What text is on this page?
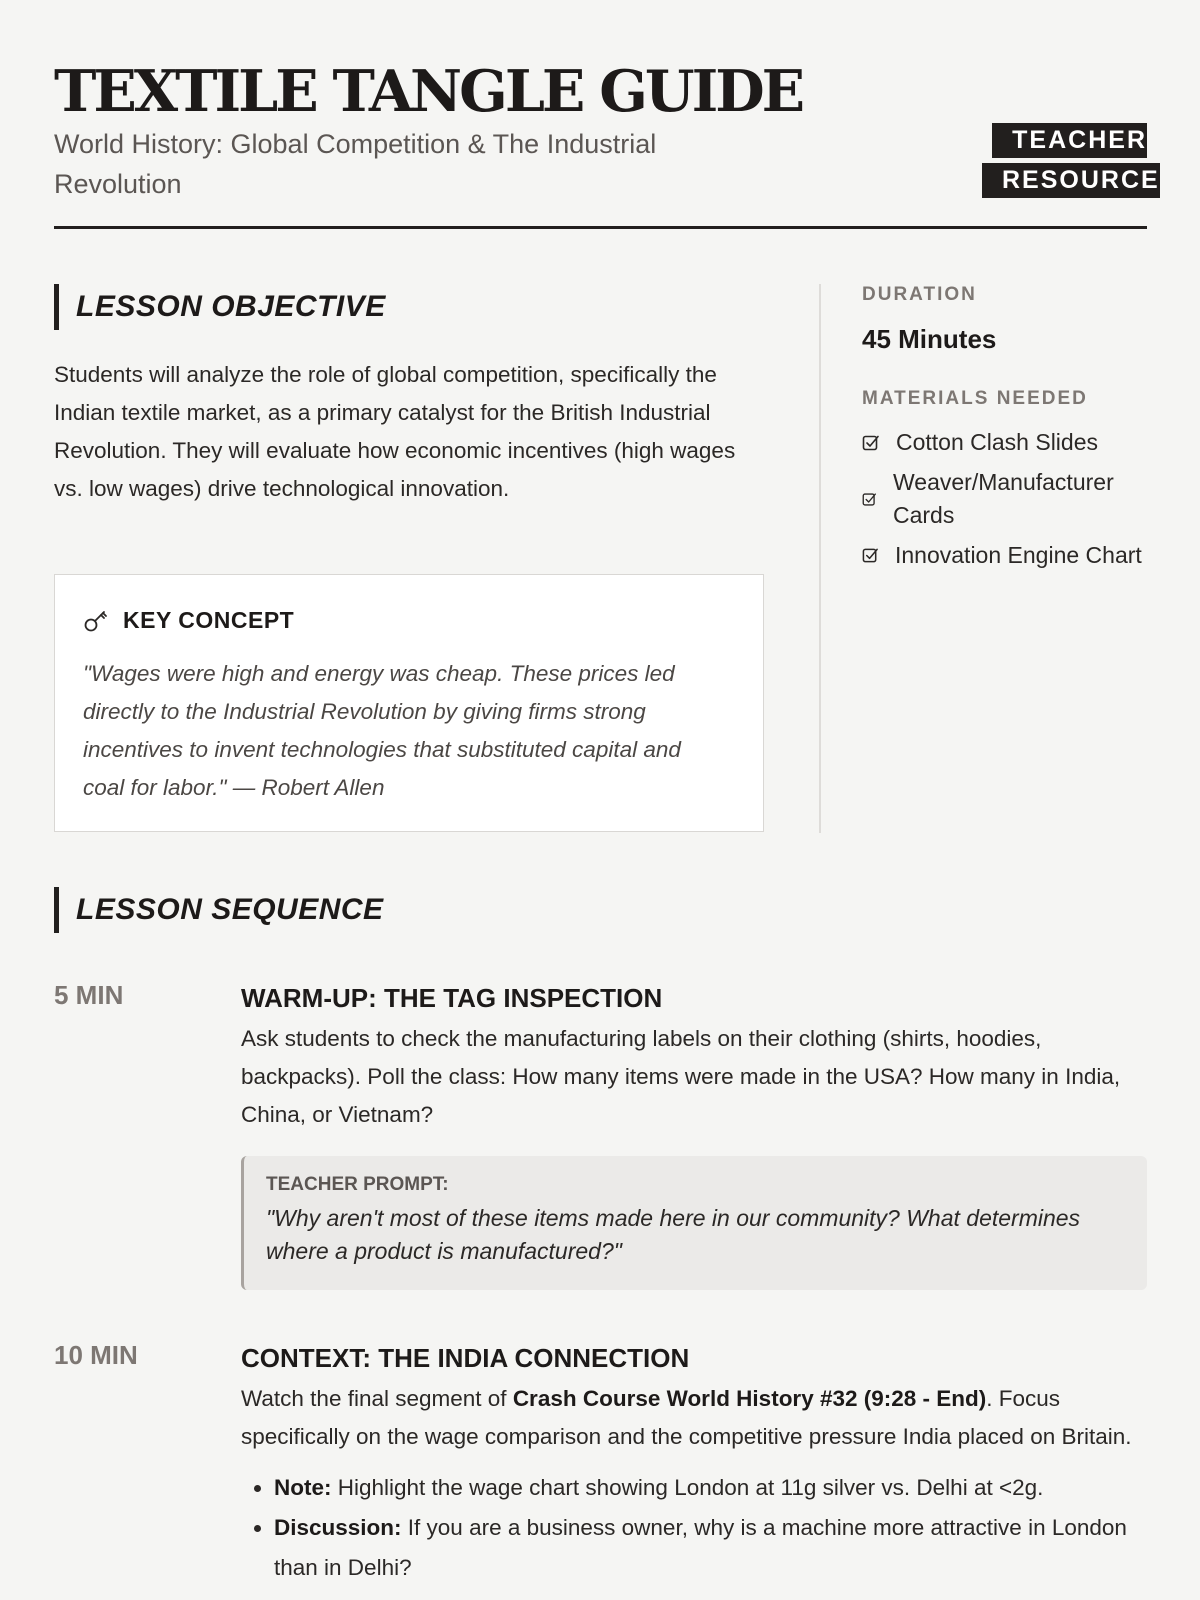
TEXTILE TANGLE GUIDE
World History: Global Competition & The Industrial Revolution
TEACHER RESOURCE
LESSON OBJECTIVE
Students will analyze the role of global competition, specifically the Indian textile market, as a primary catalyst for the British Industrial Revolution. They will evaluate how economic incentives (high wages vs. low wages) drive technological innovation.
KEY CONCEPT
"Wages were high and energy was cheap. These prices led directly to the Industrial Revolution by giving firms strong incentives to invent technologies that substituted capital and coal for labor." — Robert Allen
DURATION
45 Minutes
MATERIALS NEEDED
Cotton Clash Slides
Weaver/Manufacturer Cards
Innovation Engine Chart
LESSON SEQUENCE
5 MIN	WARM-UP: THE TAG INSPECTION
Ask students to check the manufacturing labels on their clothing (shirts, hoodies, backpacks). Poll the class: How many items were made in the USA? How many in India, China, or Vietnam?
TEACHER PROMPT:
"Why aren't most of these items made here in our community? What determines where a product is manufactured?"
10 MIN	CONTEXT: THE INDIA CONNECTION
Watch the final segment of Crash Course World History #32 (9:28 - End). Focus specifically on the wage comparison and the competitive pressure India placed on Britain.
• Note: Highlight the wage chart showing London at 11g silver vs. Delhi at <2g.
• Discussion: If you are a business owner, why is a machine more attractive in London than in Delhi?
